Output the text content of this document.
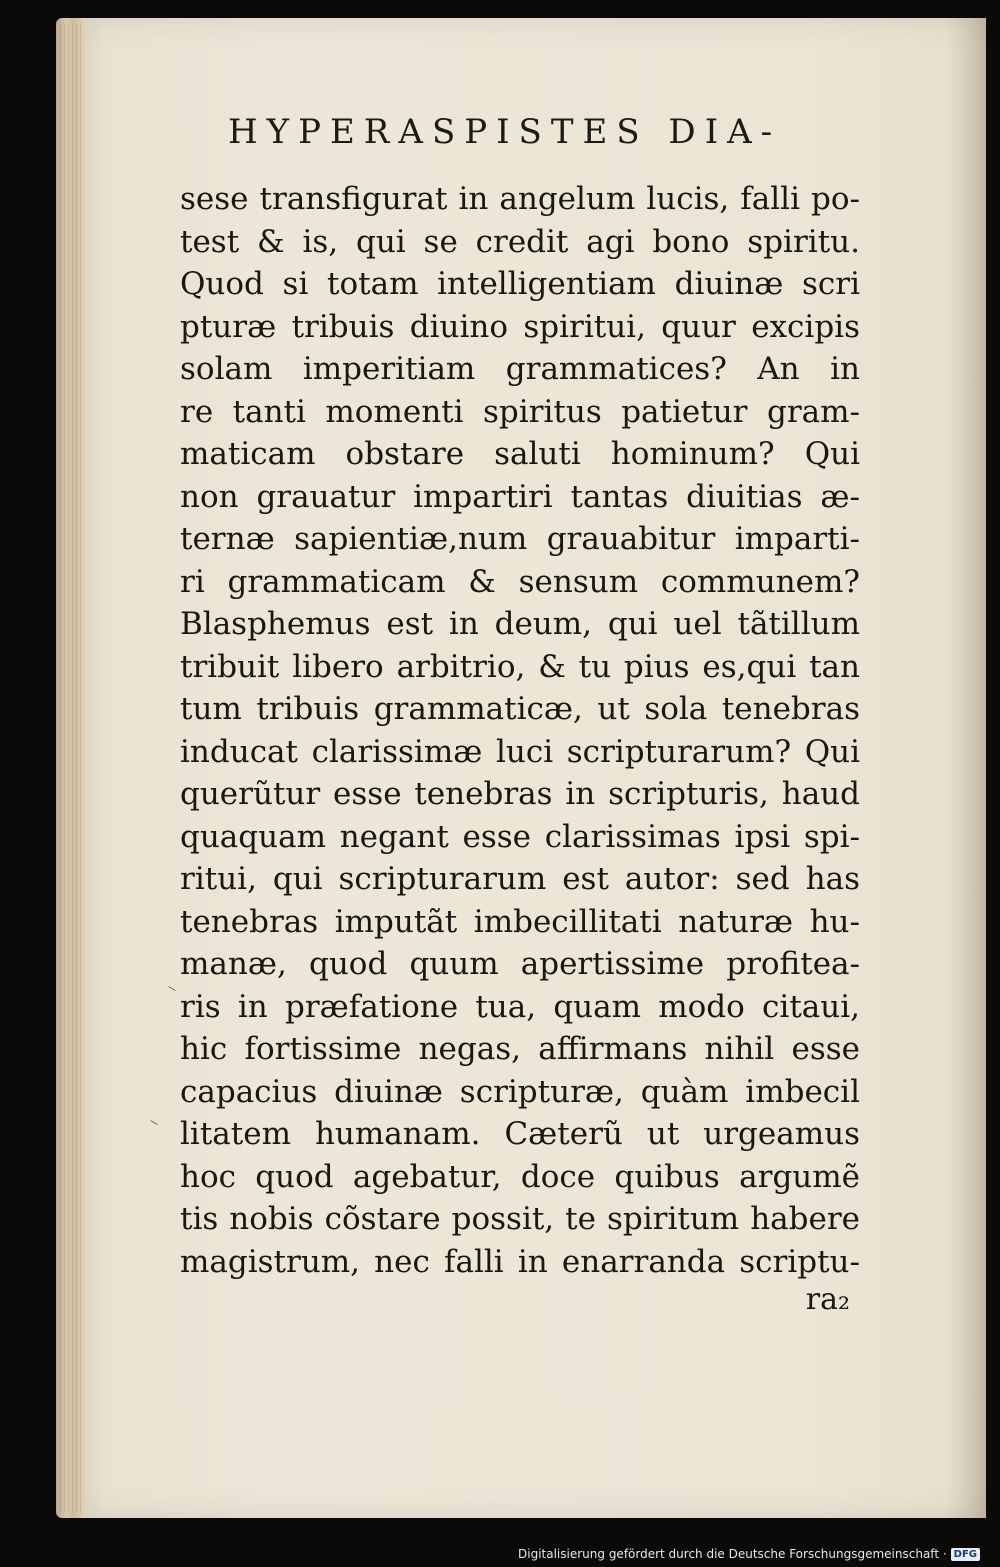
HYPERASPISTES DIA‐
sese transfigurat in angelum lucis, falli po‐
test & is, qui se credit agi bono spiritu.
Quod si totam intelligentiam diuinæ scri
pturæ tribuis diuino spiritui, quur excipis
solam imperitiam grammatices? An in
re tanti momenti spiritus patietur gram‐
maticam obstare saluti hominum? Qui
non grauatur impartiri tantas diuitias æ‐
ternæ sapientiæ,num grauabitur imparti‐
ri grammaticam & sensum communem?
Blasphemus est in deum, qui uel tãtillum
tribuit libero arbitrio, & tu pius es,qui tan
tum tribuis grammaticæ, ut sola tenebras
inducat clarissimæ luci scripturarum? Qui
querũtur esse tenebras in scripturis, haud
quaquam negant esse clarissimas ipsi spi‐
ritui, qui scripturarum est autor: sed has
tenebras imputãt imbecillitati naturæ hu‐
manæ, quod quum apertissime profitea‐
ris in præfatione tua, quam modo citaui,
hic fortissime negas, affirmans nihil esse
capacius diuinæ scripturæ, quàm imbecil
litatem humanam. Cæterũ ut urgeamus
hoc quod agebatur, doce quibus argumẽ
tis nobis cõstare possit, te spiritum habere
magistrum, nec falli in enarranda scriptu‐
ra₂
Digitalisierung gefördert durch die Deutsche Forschungsgemeinschaft · DFG
